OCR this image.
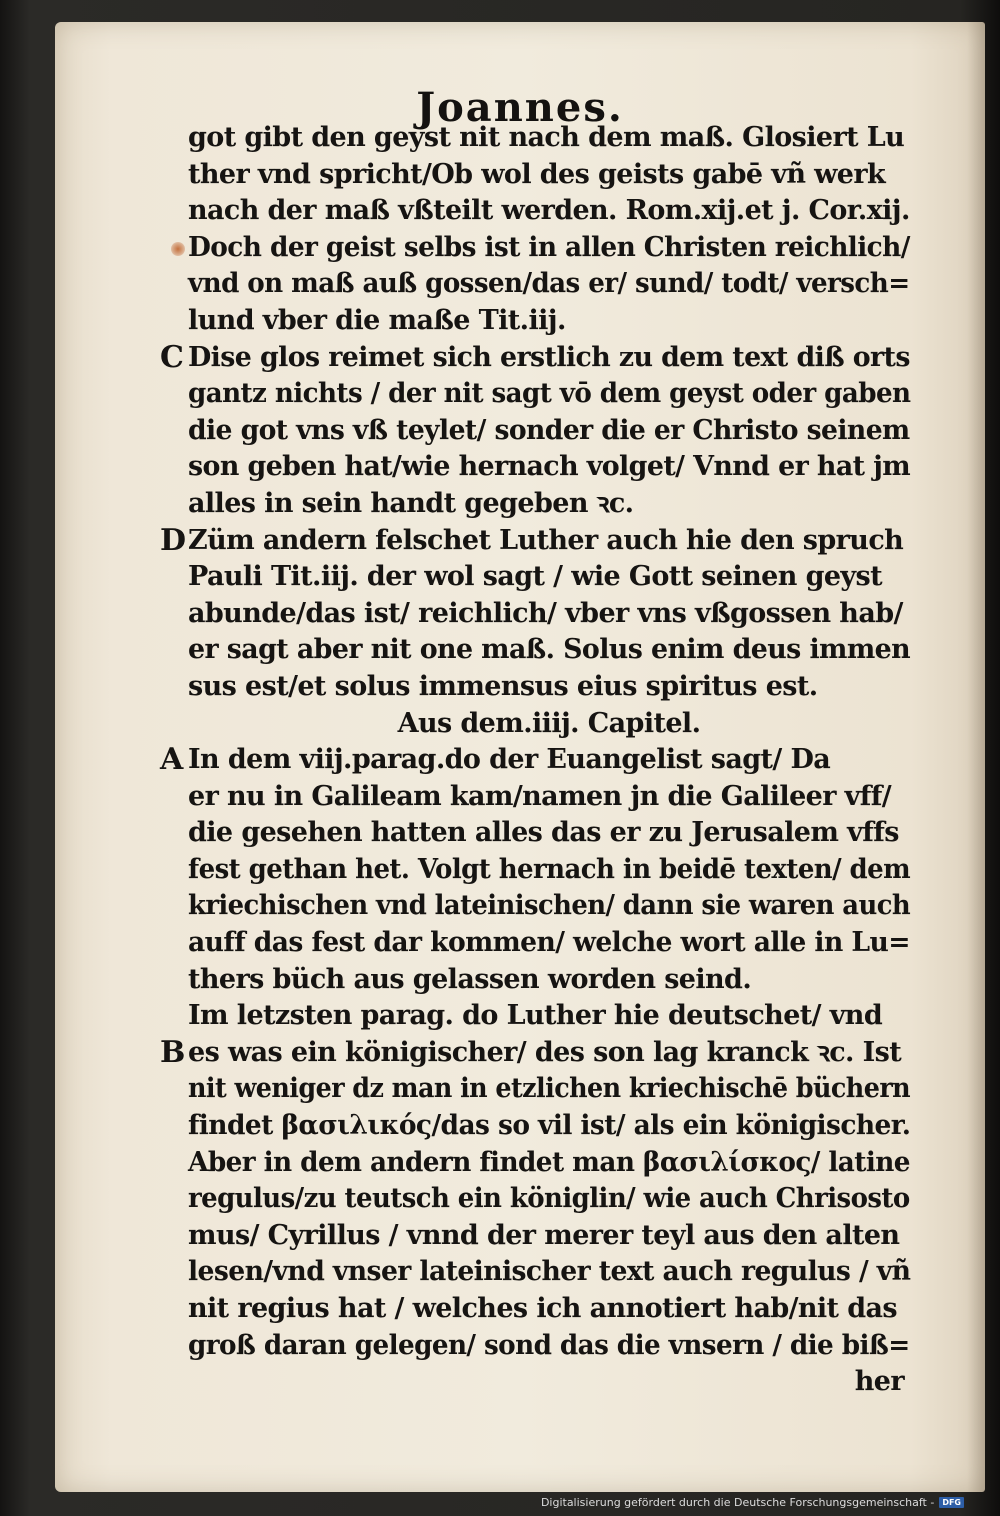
Joannes.
got gibt den geyst nit nach dem maß. Glosiert Lu
ther vnd spricht/Ob wol des geists gabē vñ werk
nach der maß vßteilt werden. Rom.xij.et j. Cor.xij.
Doch der geist selbs ist in allen Christen reichlich/
vnd on maß auß gossen/das er/ sund/ todt/ versch=
lund vber die maße Tit.iij.
Dise glos reimet sich erstlich zu dem text diß orts
gantz nichts / der nit sagt vō dem geyst oder gaben
die got vns vß teylet/ sonder die er Christo seinem
son geben hat/wie hernach volget/ Vnnd er hat jm
alles in sein handt gegeben ꝛc.
Züm andern felschet Luther auch hie den spruch
Pauli Tit.iij. der wol sagt / wie Gott seinen geyst
abunde/das ist/ reichlich/ vber vns vßgossen hab/
er sagt aber nit one maß. Solus enim deus immen
sus est/et solus immensus eius spiritus est.
Aus dem.iiij. Capitel.
In dem viij.parag.do der Euangelist sagt/ Da
er nu in Galileam kam/namen jn die Galileer vff/
die gesehen hatten alles das er zu Jerusalem vffs
fest gethan het. Volgt hernach in beidē texten/ dem
kriechischen vnd lateinischen/ dann sie waren auch
auff das fest dar kommen/ welche wort alle in Lu=
thers büch aus gelassen worden seind.
Im letzsten parag. do Luther hie deutschet/ vnd
es was ein königischer/ des son lag kranck ꝛc. Ist
nit weniger dz man in etzlichen kriechischē büchern
findet βασιλικός/das so vil ist/ als ein königischer.
Aber in dem andern findet man βασιλίσκος/ latine
regulus/zu teutsch ein königlin/ wie auch Chrisosto
mus/ Cyrillus / vnnd der merer teyl aus den alten
lesen/vnd vnser lateinischer text auch regulus / vñ
nit regius hat / welches ich annotiert hab/nit das
groß daran gelegen/ sond das die vnsern / die biß=
her
C
D
A
B
Digitalisierung gefördert durch die Deutsche Forschungsgemeinschaft -	DFG
